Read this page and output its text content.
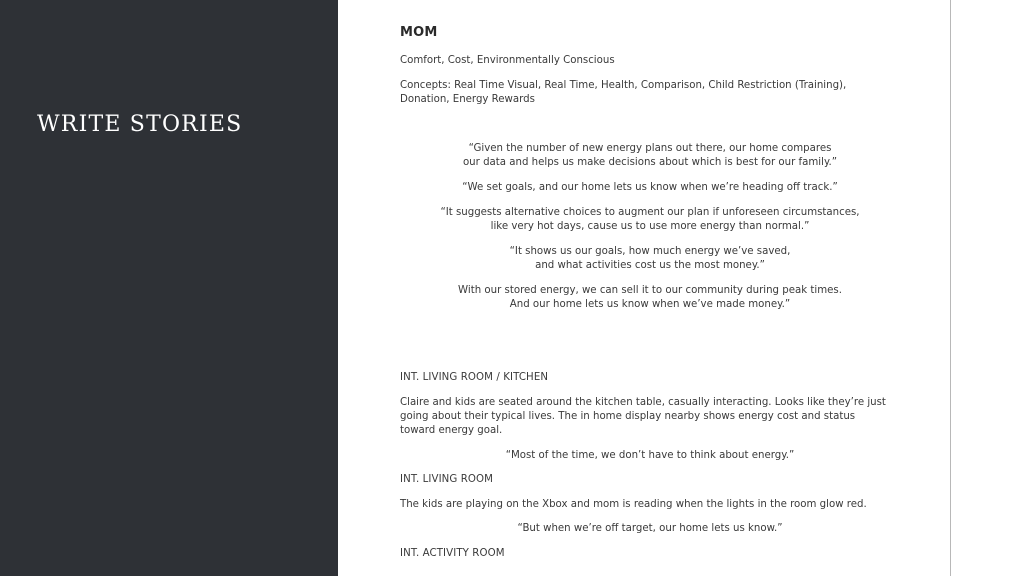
WRITE STORIES
MOM
Comfort, Cost, Environmentally Conscious
Concepts: Real Time Visual, Real Time, Health, Comparison, Child Restriction (Training),
Donation, Energy Rewards
“Given the number of new energy plans out there, our home compares
our data and helps us make decisions about which is best for our family.”
“We set goals, and our home lets us know when we’re heading off track.”
“It suggests alternative choices to augment our plan if unforeseen circumstances,
like very hot days, cause us to use more energy than normal.”
“It shows us our goals, how much energy we’ve saved,
and what activities cost us the most money.”
With our stored energy, we can sell it to our community during peak times.
And our home lets us know when we’ve made money.”
INT. LIVING ROOM / KITCHEN
Claire and kids are seated around the kitchen table, casually interacting. Looks like they’re just
going about their typical lives. The in home display nearby shows energy cost and status
toward energy goal.
“Most of the time, we don’t have to think about energy.”
INT. LIVING ROOM
The kids are playing on the Xbox and mom is reading when the lights in the room glow red.
“But when we’re off target, our home lets us know.”
INT. ACTIVITY ROOM
